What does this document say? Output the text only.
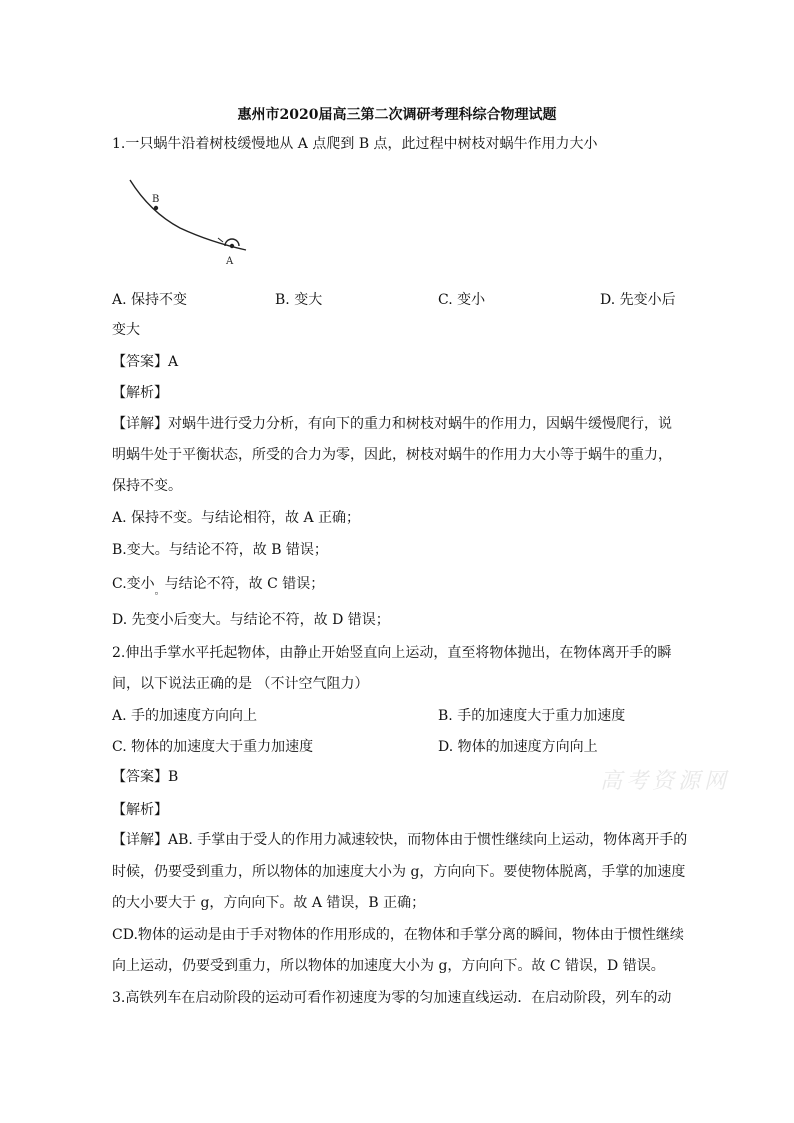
惠州市2020届高三第二次调研考理科综合物理试题
1.一只蜗牛沿着树枝缓慢地从 A 点爬到 B 点，此过程中树枝对蜗牛作用力大小
B
A
A. 保持不变	B. 变大	C. 变小	D. 先变小后
变大
【答案】A
【解析】
【详解】对蜗牛进行受力分析，有向下的重力和树枝对蜗牛的作用力，因蜗牛缓慢爬行，说
明蜗牛处于平衡状态，所受的合力为零，因此，树枝对蜗牛的作用力大小等于蜗牛的重力，
保持不变。
A. 保持不变。与结论相符，故 A 正确；
B.变大。与结论不符，故 B 错误；
C.变小$_。$与结论不符，故 C 错误；
D. 先变小后变大。与结论不符，故 D 错误；
2.伸出手掌水平托起物体，由静止开始竖直向上运动，直至将物体抛出，在物体离开手的瞬
间，以下说法正确的是 （不计空气阻力）
A. 手的加速度方向向上	B. 手的加速度大于重力加速度
C. 物体的加速度大于重力加速度	D. 物体的加速度方向向上
高考资源网
【答案】B
【解析】
【详解】AB. 手掌由于受人的作用力减速较快，而物体由于惯性继续向上运动，物体离开手的
时候，仍要受到重力，所以物体的加速度大小为 g，方向向下。要使物体脱离，手掌的加速度
的大小要大于 g，方向向下。故 A 错误，B 正确；
CD.物体的运动是由于手对物体的作用形成的，在物体和手掌分离的瞬间，物体由于惯性继续
向上运动，仍要受到重力，所以物体的加速度大小为 g，方向向下。故 C 错误，D 错误。
3.高铁列车在启动阶段的运动可看作初速度为零的匀加速直线运动．在启动阶段，列车的动
